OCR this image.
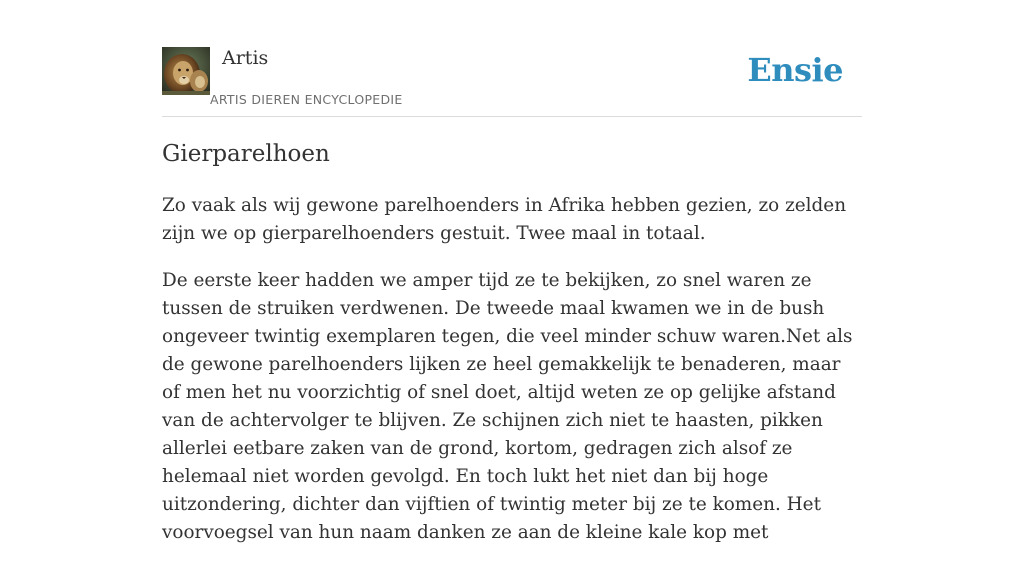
Artis
ARTIS DIEREN ENCYCLOPEDIE
Ensie
Gierparelhoen

Zo vaak als wij gewone parelhoenders in Afrika hebben gezien, zo zelden zijn we op gierparelhoenders gestuit. Twee maal in totaal.

De eerste keer hadden we amper tijd ze te bekijken, zo snel waren ze tussen de struiken verdwenen. De tweede maal kwamen we in de bush ongeveer twintig exemplaren tegen, die veel minder schuw waren.Net als de gewone parelhoenders lijken ze heel gemakkelijk te benaderen, maar of men het nu voorzichtig of snel doet, altijd weten ze op gelijke afstand van de achtervolger te blijven. Ze schijnen zich niet te haasten, pikken allerlei eetbare zaken van de grond, kortom, gedragen zich alsof ze helemaal niet worden gevolgd. En toch lukt het niet dan bij hoge uitzondering, dichter dan vijftien of twintig meter bij ze te komen. Het voorvoegsel van hun naam danken ze aan de kleine kale kop met
